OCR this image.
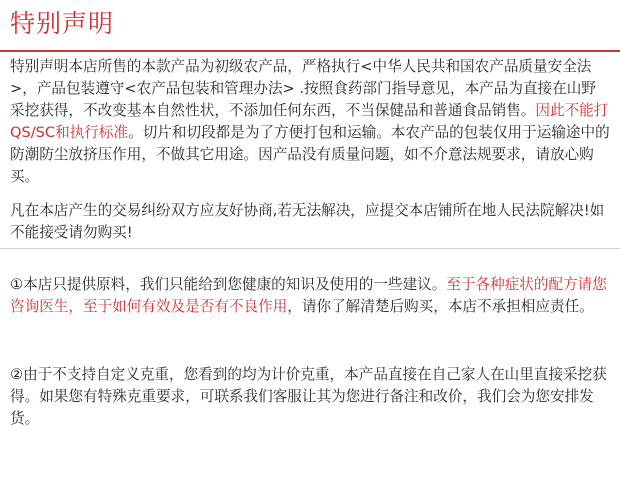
特别声明
特别声明本店所售的本款产品为初级农产品，严格执行<中华人民共和国农产品质量安全法>，产品包装遵守<农产品包装和管理办法> .按照食药部门指导意见，本产品为直接在山野采挖获得，不改变基本自然性状，不添加任何东西，不当保健品和普通食品销售。因此不能打QS/SC和执行标准。切片和切段都是为了方便打包和运输。本农产品的包装仅用于运输途中的防潮防尘放挤压作用，不做其它用途。因产品没有质量问题，如不介意法规要求，请放心购买。
凡在本店产生的交易纠纷双方应友好协商,若无法解决，应提交本店铺所在地人民法院解决!如不能接受请勿购买!
①本店只提供原料，我们只能给到您健康的知识及使用的一些建议。至于各种症状的配方请您咨询医生，至于如何有效及是否有不良作用，请你了解清楚后购买，本店不承担相应责任。
②由于不支持自定义克重，您看到的均为计价克重，本产品直接在自己家人在山里直接采挖获得。如果您有特殊克重要求，可联系我们客服让其为您进行备注和改价，我们会为您安排发货。
